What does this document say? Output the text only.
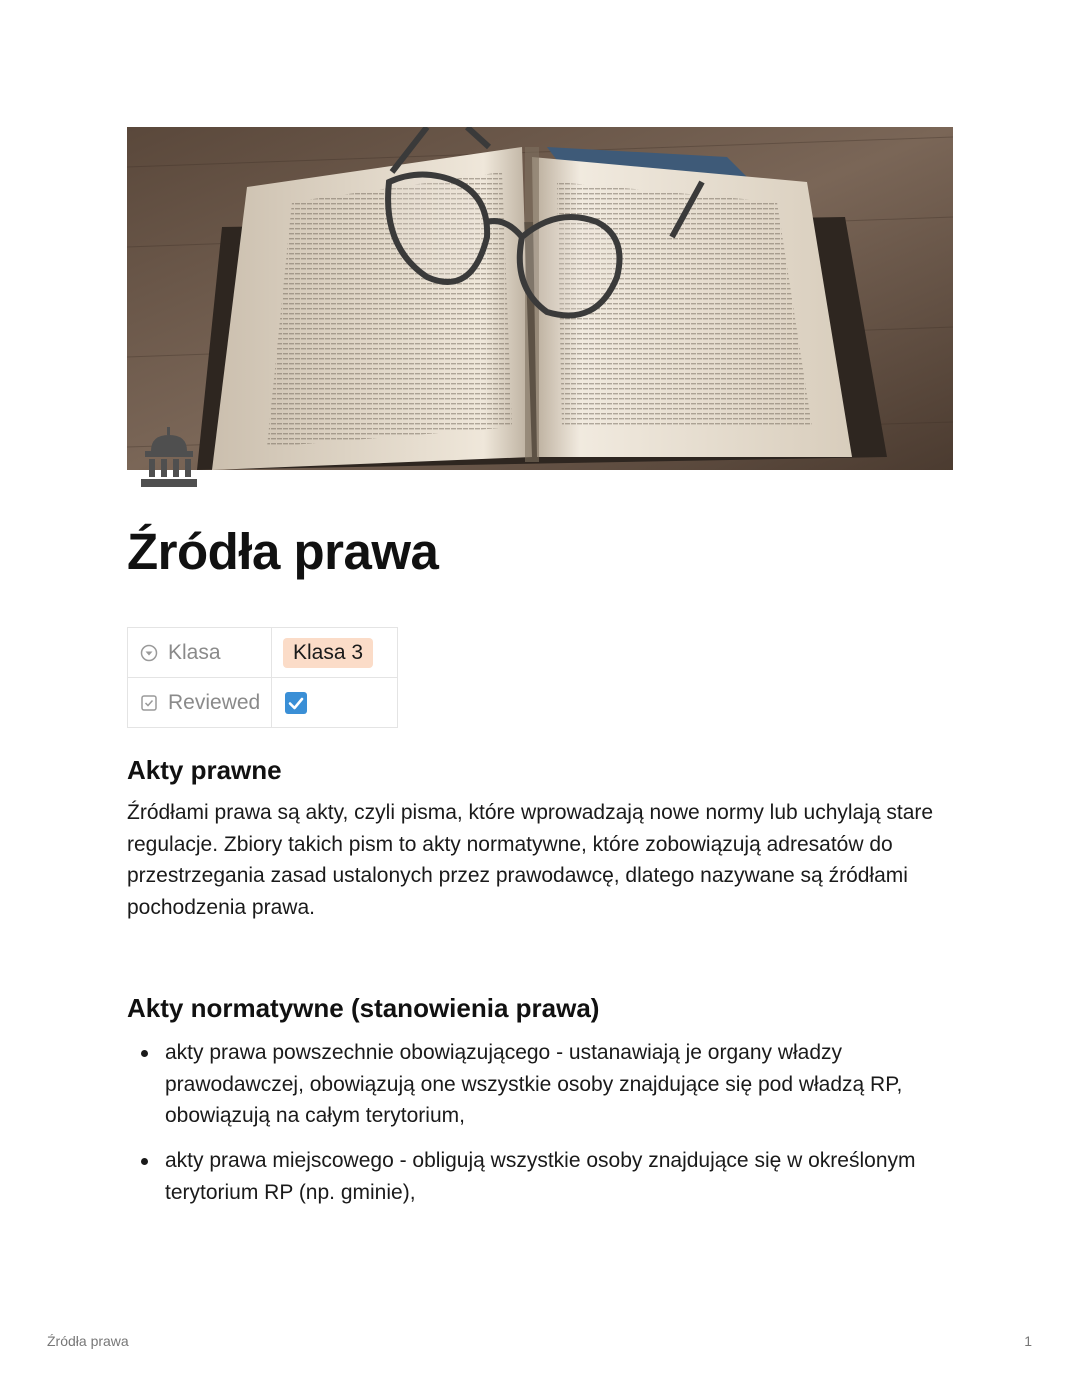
Źródła prawa
Klasa	Klasa 3

Reviewed

Akty prawne

Źródłami prawa są akty, czyli pisma, które wprowadzają nowe normy lub uchylają stare regulacje. Zbiory takich pism to akty normatywne, które zobowiązują adresatów do przestrzegania zasad ustalonych przez prawodawcę, dlatego nazywane są źródłami pochodzenia prawa.

Akty normatywne (stanowienia prawa)
akty prawa powszechnie obowiązującego - ustanawiają je organy władzy prawodawczej, obowiązują one wszystkie osoby znajdujące się pod władzą RP, obowiązują na całym terytorium,
akty prawa miejscowego - obligują wszystkie osoby znajdujące się w określonym terytorium RP (np. gminie),
Źródła prawa	1
